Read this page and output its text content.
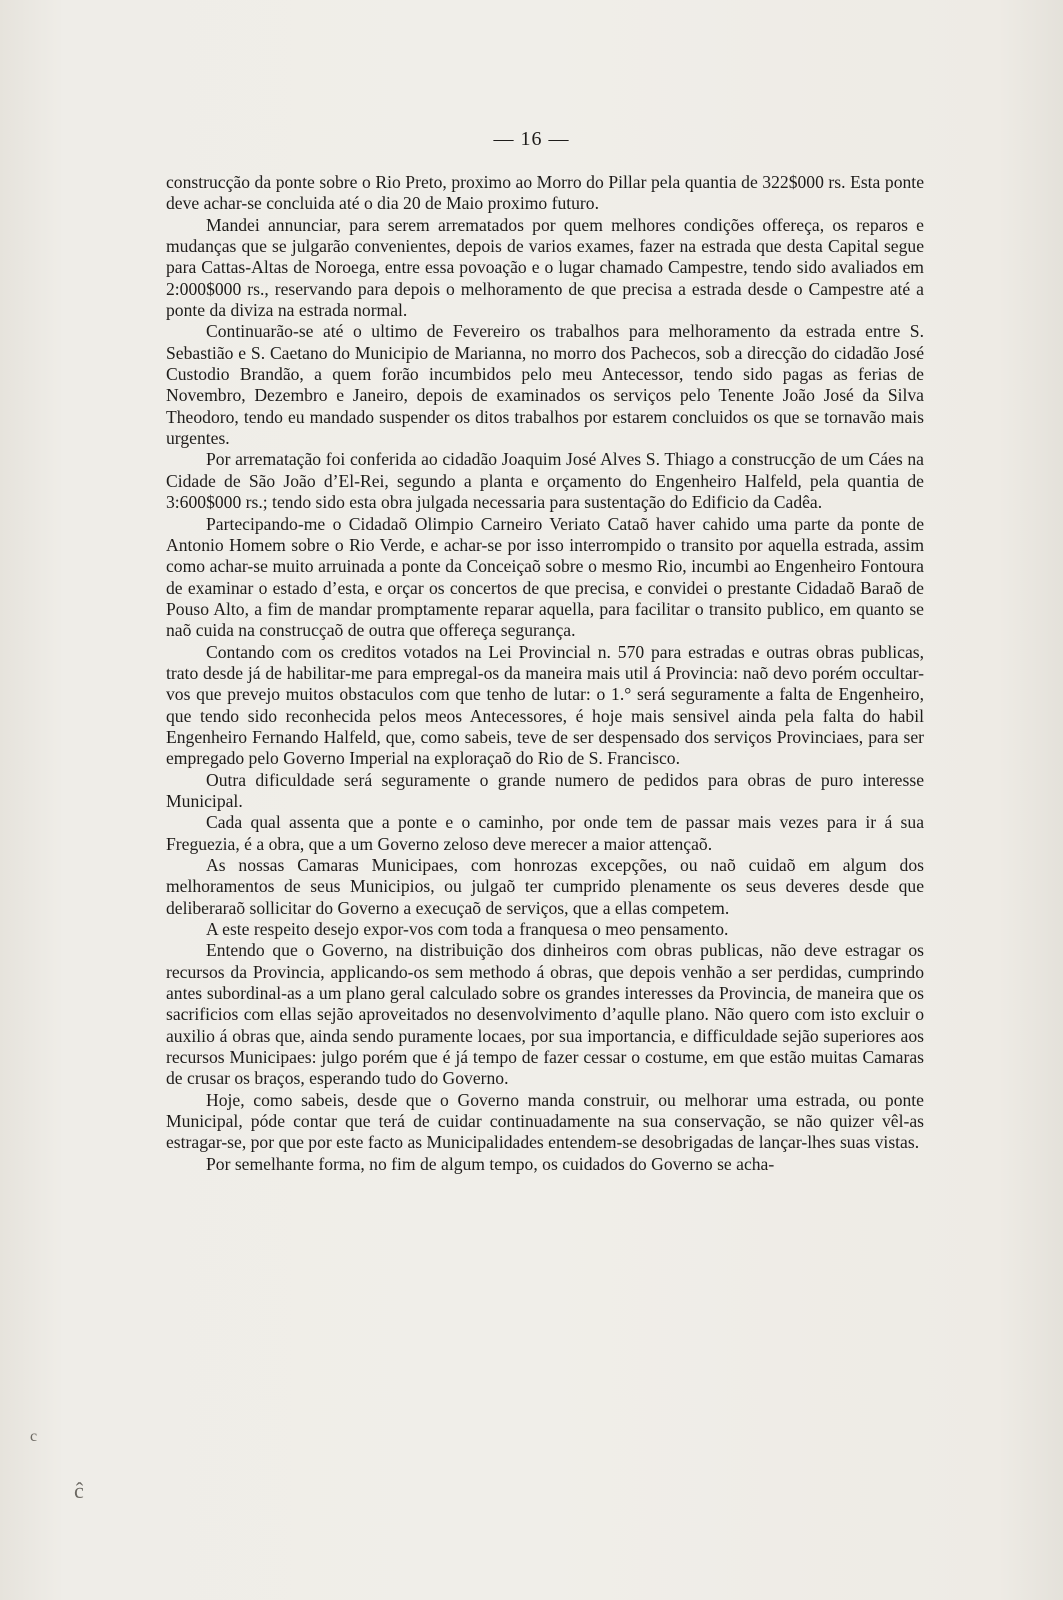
— 16 —

construcção da ponte sobre o Rio Preto, proximo ao Morro do Pillar pela quantia de 322$000 rs. Esta ponte deve achar-se concluida até o dia 20 de Maio proximo futuro.

Mandei annunciar, para serem arrematados por quem melhores condições offereça, os reparos e mudanças que se julgarão convenientes, depois de varios exames, fazer na estrada que desta Capital segue para Cattas-Altas de Noroega, entre essa povoação e o lugar chamado Campestre, tendo sido avaliados em 2:000$000 rs., reservando para depois o melhoramento de que precisa a estrada desde o Campestre até a ponte da diviza na estrada normal.

Continuarão-se até o ultimo de Fevereiro os trabalhos para melhoramento da estrada entre S. Sebastião e S. Caetano do Municipio de Marianna, no morro dos Pachecos, sob a direcção do cidadão José Custodio Brandão, a quem forão incumbidos pelo meu Antecessor, tendo sido pagas as ferias de Novembro, Dezembro e Janeiro, depois de examinados os serviços pelo Tenente João José da Silva Theodoro, tendo eu mandado suspender os ditos trabalhos por estarem concluidos os que se tornavão mais urgentes.

Por arrematação foi conferida ao cidadão Joaquim José Alves S. Thiago a construcção de um Cáes na Cidade de São João d’El-Rei, segundo a planta e orçamento do Engenheiro Halfeld, pela quantia de 3:600$000 rs.; tendo sido esta obra julgada necessaria para sustentação do Edificio da Cadêa.

Partecipando-me o Cidadaõ Olimpio Carneiro Veriato Cataõ haver cahido uma parte da ponte de Antonio Homem sobre o Rio Verde, e achar-se por isso interrompido o transito por aquella estrada, assim como achar-se muito arruinada a ponte da Conceiçaõ sobre o mesmo Rio, incumbi ao Engenheiro Fontoura de examinar o estado d’esta, e orçar os concertos de que precisa, e convidei o prestante Cidadaõ Baraõ de Pouso Alto, a fim de mandar promptamente reparar aquella, para facilitar o transito publico, em quanto se naõ cuida na construcçaõ de outra que offereça segurança.

Contando com os creditos votados na Lei Provincial n. 570 para estradas e outras obras publicas, trato desde já de habilitar-me para empregal-os da maneira mais util á Provincia: naõ devo porém occultar-vos que prevejo muitos obstaculos com que tenho de lutar: o 1.° será seguramente a falta de Engenheiro, que tendo sido reconhecida pelos meos Antecessores, é hoje mais sensivel ainda pela falta do habil Engenheiro Fernando Halfeld, que, como sabeis, teve de ser despensado dos serviços Provinciaes, para ser empregado pelo Governo Imperial na exploraçaõ do Rio de S. Francisco.

Outra dificuldade será seguramente o grande numero de pedidos para obras de puro interesse Municipal.

Cada qual assenta que a ponte e o caminho, por onde tem de passar mais vezes para ir á sua Freguezia, é a obra, que a um Governo zeloso deve merecer a maior attençaõ.

As nossas Camaras Municipaes, com honrozas excepções, ou naõ cuidaõ em algum dos melhoramentos de seus Municipios, ou julgaõ ter cumprido plenamente os seus deveres desde que deliberaraõ sollicitar do Governo a execuçaõ de serviços, que a ellas competem.

A este respeito desejo expor-vos com toda a franquesa o meo pensamento.

Entendo que o Governo, na distribuição dos dinheiros com obras publicas, não deve estragar os recursos da Provincia, applicando-os sem methodo á obras, que depois venhão a ser perdidas, cumprindo antes subordinal-as a um plano geral calculado sobre os grandes interesses da Provincia, de maneira que os sacrificios com ellas sejão aproveitados no desenvolvimento d’aqulle plano. Não quero com isto excluir o auxilio á obras que, ainda sendo puramente locaes, por sua importancia, e difficuldade sejão superiores aos recursos Municipaes: julgo porém que é já tempo de fazer cessar o costume, em que estão muitas Camaras de crusar os braços, esperando tudo do Governo.

Hoje, como sabeis, desde que o Governo manda construir, ou melhorar uma estrada, ou ponte Municipal, póde contar que terá de cuidar continuadamente na sua conservação, se não quizer vêl-as estragar-se, por que por este facto as Municipalidades entendem-se desobrigadas de lançar-lhes suas vistas.

Por semelhante forma, no fim de algum tempo, os cuidados do Governo se acha-

c
ĉ
